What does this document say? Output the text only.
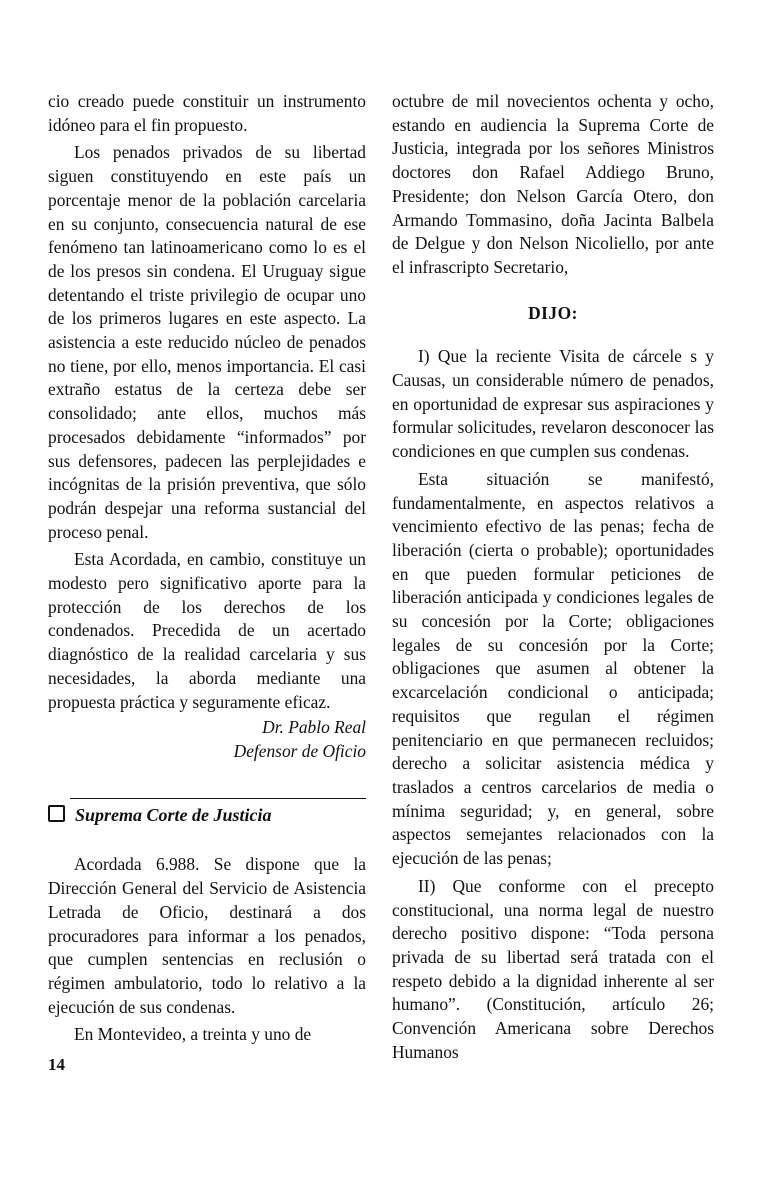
cio creado puede constituir un instrumento idóneo para el fin propuesto.

Los penados privados de su libertad siguen constituyendo en este país un porcentaje menor de la población carcelaria en su conjunto, consecuencia natural de ese fenómeno tan latinoamericano como lo es el de los presos sin condena. El Uruguay sigue detentando el triste privilegio de ocupar uno de los primeros lugares en este aspecto. La asistencia a este reducido núcleo de penados no tiene, por ello, menos importancia. El casi extraño estatus de la certeza debe ser consolidado; ante ellos, muchos más procesados debidamente “informados” por sus defensores, padecen las perplejidades e incógnitas de la prisión preventiva, que sólo podrán despejar una reforma sustancial del proceso penal.

Esta Acordada, en cambio, constituye un modesto pero significativo aporte para la protección de los derechos de los condenados. Precedida de un acertado diagnóstico de la realidad carcelaria y sus necesidades, la aborda mediante una propuesta práctica y seguramente eficaz.

Dr. Pablo Real
Defensor de Oficio
Suprema Corte de Justicia

Acordada 6.988. Se dispone que la Dirección General del Servicio de Asistencia Letrada de Oficio, destinará a dos procuradores para informar a los penados, que cumplen sentencias en reclusión o régimen ambulatorio, todo lo relativo a la ejecución de sus condenas.

En Montevideo, a treinta y uno de

octubre de mil novecientos ochenta y ocho, estando en audiencia la Suprema Corte de Justicia, integrada por los señores Ministros doctores don Rafael Addiego Bruno, Presidente; don Nelson García Otero, don Armando Tommasino, doña Jacinta Balbela de Delgue y don Nelson Nicoliello, por ante el infrascripto Secretario,

DIJO:

I) Que la reciente Visita de cárcele s y Causas, un considerable número de penados, en oportunidad de expresar sus aspiraciones y formular solicitudes, revelaron desconocer las condiciones en que cumplen sus condenas.

Esta situación se manifestó, fundamentalmente, en aspectos relativos a vencimiento efectivo de las penas; fecha de liberación (cierta o probable); oportunidades en que pueden formular peticiones de liberación anticipada y condiciones legales de su concesión por la Corte; obligaciones legales de su concesión por la Corte; obligaciones que asumen al obtener la excarcelación condicional o anticipada; requisitos que regulan el régimen penitenciario en que permanecen recluidos; derecho a solicitar asistencia médica y traslados a centros carcelarios de media o mínima seguridad; y, en general, sobre aspectos semejantes relacionados con la ejecución de las penas;

II) Que conforme con el precepto constitucional, una norma legal de nuestro derecho positivo dispone: “Toda persona privada de su libertad será tratada con el respeto debido a la dignidad inherente al ser humano”. (Constitución, artículo 26; Convención Americana sobre Derechos Humanos

14
